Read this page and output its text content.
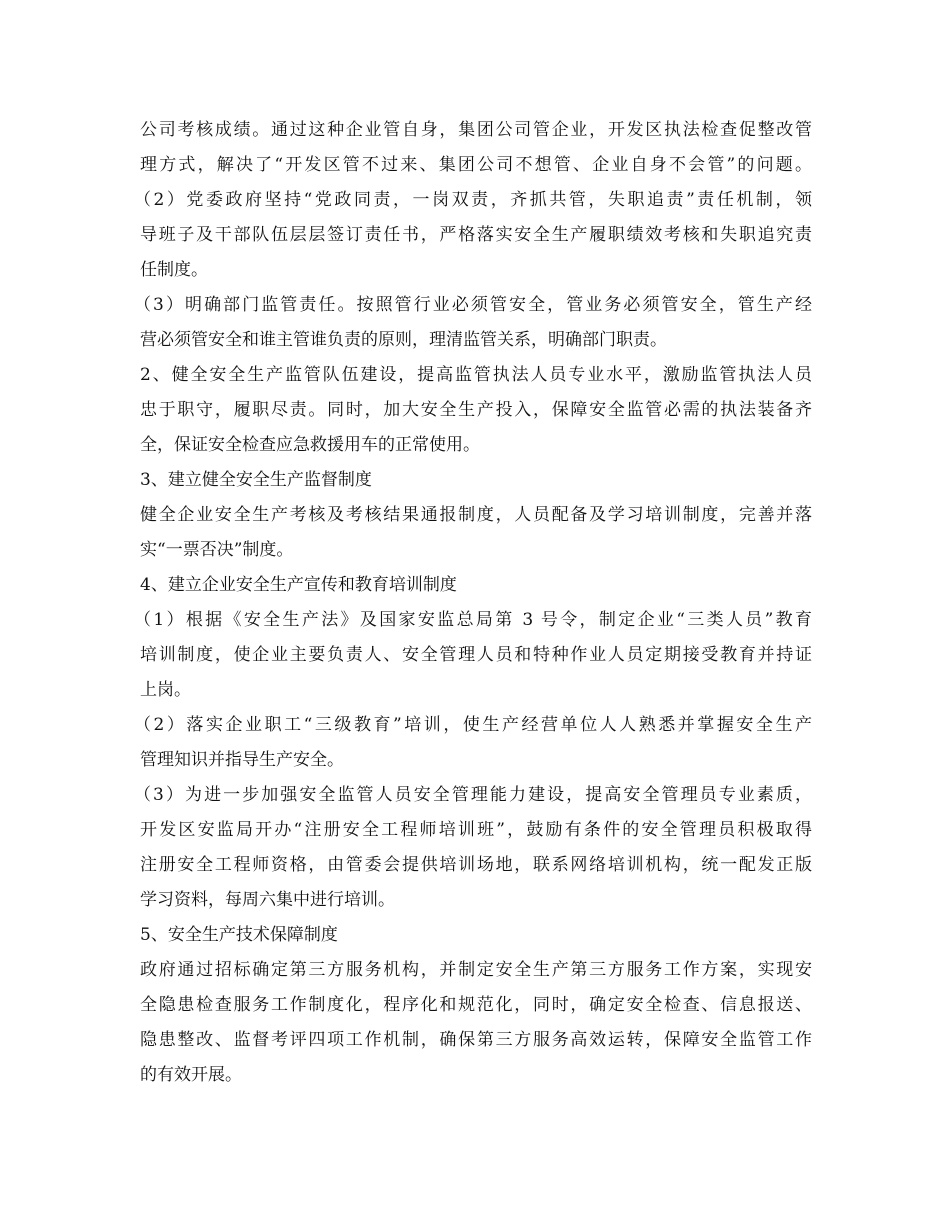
公司考核成绩。通过这种企业管自身，集团公司管企业，开发区执法检查促整改管
理方式，解决了“开发区管不过来、集团公司不想管、企业自身不会管”的问题。
（2）党委政府坚持“党政同责，一岗双责，齐抓共管，失职追责”责任机制，领
导班子及干部队伍层层签订责任书，严格落实安全生产履职绩效考核和失职追究责
任制度。
（3）明确部门监管责任。按照管行业必须管安全，管业务必须管安全，管生产经
营必须管安全和谁主管谁负责的原则，理清监管关系，明确部门职责。
2、健全安全生产监管队伍建设，提高监管执法人员专业水平，激励监管执法人员
忠于职守，履职尽责。同时，加大安全生产投入，保障安全监管必需的执法装备齐
全，保证安全检查应急救援用车的正常使用。
3、建立健全安全生产监督制度
健全企业安全生产考核及考核结果通报制度，人员配备及学习培训制度，完善并落
实“一票否决”制度。
4、建立企业安全生产宣传和教育培训制度
（1）根据《安全生产法》及国家安监总局第 3 号令，制定企业“三类人员”教育
培训制度，使企业主要负责人、安全管理人员和特种作业人员定期接受教育并持证
上岗。
（2）落实企业职工“三级教育”培训，使生产经营单位人人熟悉并掌握安全生产
管理知识并指导生产安全。
（3）为进一步加强安全监管人员安全管理能力建设，提高安全管理员专业素质，
开发区安监局开办“注册安全工程师培训班”，鼓励有条件的安全管理员积极取得
注册安全工程师资格，由管委会提供培训场地，联系网络培训机构，统一配发正版
学习资料，每周六集中进行培训。
5、安全生产技术保障制度
政府通过招标确定第三方服务机构，并制定安全生产第三方服务工作方案，实现安
全隐患检查服务工作制度化，程序化和规范化，同时，确定安全检查、信息报送、
隐患整改、监督考评四项工作机制，确保第三方服务高效运转，保障安全监管工作
的有效开展。
